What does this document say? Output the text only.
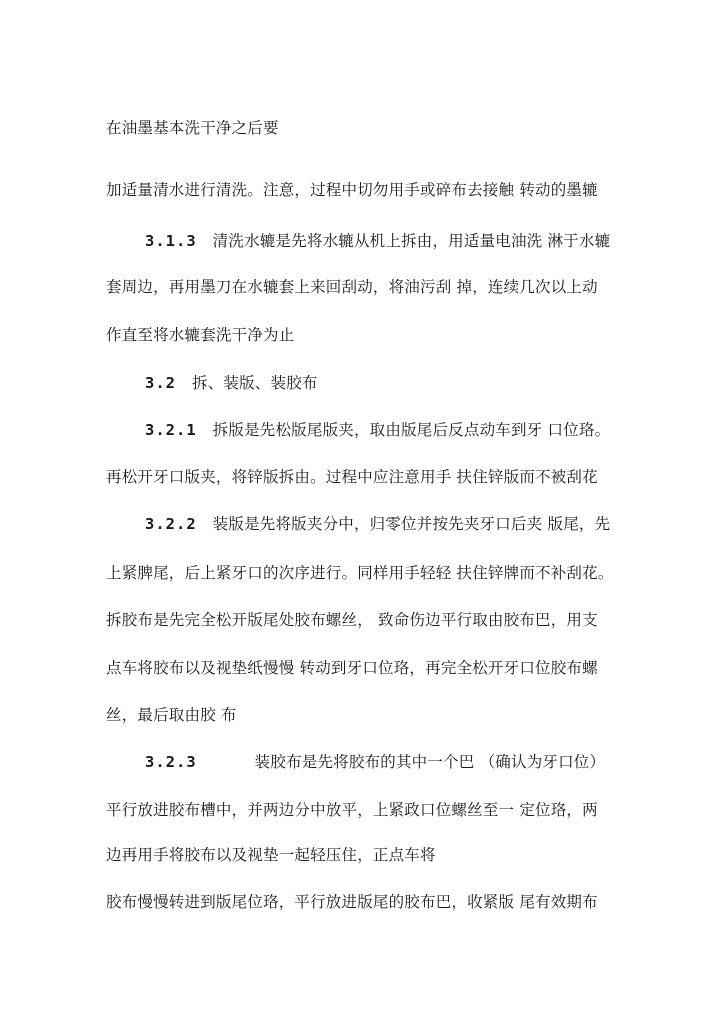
在油墨基本洗干净之后要
加适量清水进行清洗。注意，过程中切勿用手或碎布去接触 转动的墨辘
3.1.3 清洗水辘是先将水辘从机上拆由，用适量电油洗 淋于水辘
套周边，再用墨刀在水辘套上来回刮动，将油污刮 掉，连续几次以上动
作直至将水辘套洗干净为止
3.2 拆、装版、装胶布
3.2.1 拆版是先松版尾版夹，取由版尾后反点动车到牙 口位珞。
再松开牙口版夹，将锌版拆由。过程中应注意用手 扶住锌版而不被刮花
3.2.2 装版是先将版夹分中，归零位并按先夹牙口后夹 版尾，先
上紧脾尾，后上紧牙口的次序进行。同样用手轻轻 扶住锌牌而不补刮花。
拆胶布是先完全松开版尾处胶布螺丝， 致命伤边平行取由胶布巴，用支
点车将胶布以及视垫纸慢慢 转动到牙口位珞，再完全松开牙口位胶布螺
丝，最后取由胶 布
3.2.3	装胶布是先将胶布的其中一个巴 （确认为牙口位）
平行放进胶布槽中，并两边分中放平，上紧政口位螺丝至一 定位珞，两
边再用手将胶布以及视垫一起轻压住，正点车将
胶布慢慢转进到版尾位珞，平行放进版尾的胶布巴，收紧版 尾有效期布
